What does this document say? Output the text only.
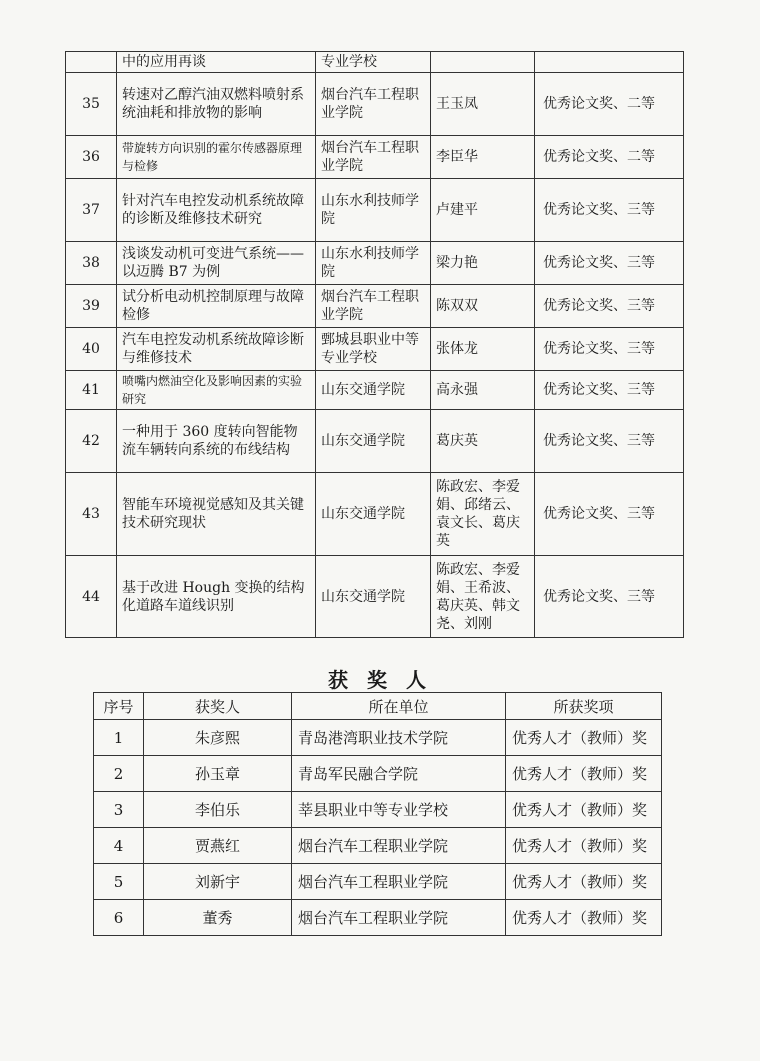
	中的应用再谈	专业学校		
35	转速对乙醇汽油双燃料喷射系统油耗和排放物的影响	烟台汽车工程职业学院	王玉凤	优秀论文奖、二等
36	带旋转方向识别的霍尔传感器原理与检修	烟台汽车工程职业学院	李臣华	优秀论文奖、二等
37	针对汽车电控发动机系统故障的诊断及维修技术研究	山东水利技师学院	卢建平	优秀论文奖、三等
38	浅谈发动机可变进气系统——以迈腾 B7 为例	山东水利技师学院	梁力艳	优秀论文奖、三等
39	试分析电动机控制原理与故障检修	烟台汽车工程职业学院	陈双双	优秀论文奖、三等
40	汽车电控发动机系统故障诊断与维修技术	鄄城县职业中等专业学校	张体龙	优秀论文奖、三等
41	喷嘴内燃油空化及影响因素的实验研究	山东交通学院	高永强	优秀论文奖、三等
42	一种用于 360 度转向智能物流车辆转向系统的布线结构	山东交通学院	葛庆英	优秀论文奖、三等
43	智能车环境视觉感知及其关键技术研究现状	山东交通学院	陈政宏、李爱娟、邱绪云、袁文长、葛庆英	优秀论文奖、三等
44	基于改进 Hough 变换的结构化道路车道线识别	山东交通学院	陈政宏、李爱娟、王希波、葛庆英、韩文尧、刘刚	优秀论文奖、三等
获 奖 人
序号	获奖人	所在单位	所获奖项
1	朱彦熙	青岛港湾职业技术学院	优秀人才（教师）奖
2	孙玉章	青岛军民融合学院	优秀人才（教师）奖
3	李伯乐	莘县职业中等专业学校	优秀人才（教师）奖
4	贾燕红	烟台汽车工程职业学院	优秀人才（教师）奖
5	刘新宇	烟台汽车工程职业学院	优秀人才（教师）奖
6	董秀	烟台汽车工程职业学院	优秀人才（教师）奖
